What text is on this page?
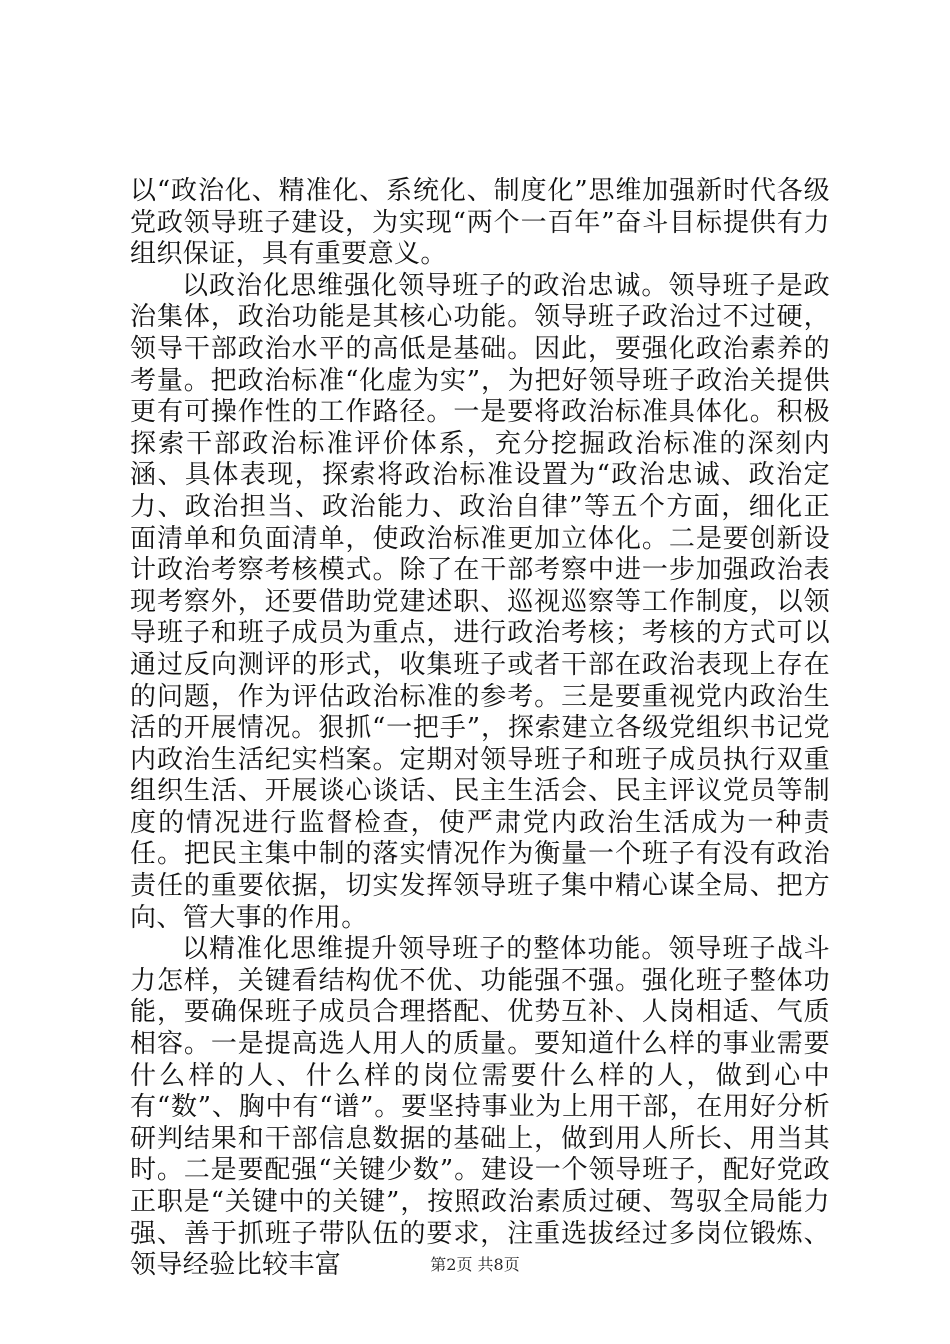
以“政治化、精准化、系统化、制度化”思维加强新时代各级党政领导班子建设，为实现“两个一百年”奋斗目标提供有力组织保证，具有重要意义。

以政治化思维强化领导班子的政治忠诚。领导班子是政治集体，政治功能是其核心功能。领导班子政治过不过硬，领导干部政治水平的高低是基础。因此，要强化政治素养的考量。把政治标准“化虚为实”，为把好领导班子政治关提供更有可操作性的工作路径。一是要将政治标准具体化。积极探索干部政治标准评价体系，充分挖掘政治标准的深刻内涵、具体表现，探索将政治标准设置为“政治忠诚、政治定力、政治担当、政治能力、政治自律”等五个方面，细化正面清单和负面清单，使政治标准更加立体化。二是要创新设计政治考察考核模式。除了在干部考察中进一步加强政治表现考察外，还要借助党建述职、巡视巡察等工作制度，以领导班子和班子成员为重点，进行政治考核；考核的方式可以通过反向测评的形式，收集班子或者干部在政治表现上存在的问题，作为评估政治标准的参考。三是要重视党内政治生活的开展情况。狠抓“一把手”，探索建立各级党组织书记党内政治生活纪实档案。定期对领导班子和班子成员执行双重组织生活、开展谈心谈话、民主生活会、民主评议党员等制度的情况进行监督检查，使严肃党内政治生活成为一种责任。把民主集中制的落实情况作为衡量一个班子有没有政治责任的重要依据，切实发挥领导班子集中精心谋全局、把方向、管大事的作用。

以精准化思维提升领导班子的整体功能。领导班子战斗力怎样，关键看结构优不优、功能强不强。强化班子整体功能，要确保班子成员合理搭配、优势互补、人岗相适、气质相容。一是提高选人用人的质量。要知道什么样的事业需要什么样的人、什么样的岗位需要什么样的人，做到心中有“数”、胸中有“谱”。要坚持事业为上用干部，在用好分析研判结果和干部信息数据的基础上，做到用人所长、用当其时。二是要配强“关键少数”。建设一个领导班子，配好党政正职是“关键中的关键”，按照政治素质过硬、驾驭全局能力强、善于抓班子带队伍的要求，注重选拔经过多岗位锻炼、领导经验比较丰富	第2页 共8页
